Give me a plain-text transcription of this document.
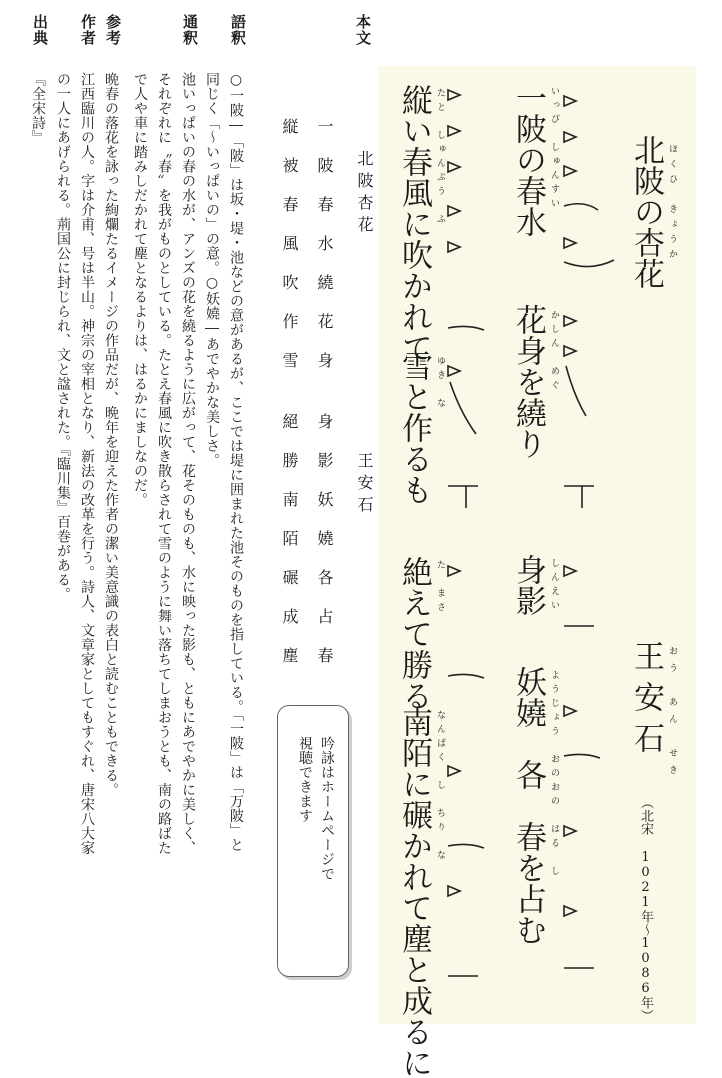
本文
語釈
通釈
参考
作者
出典
北陂杏花
王安石
一陂春水繞花身
身影妖嬈各占春
縦被春風吹作雪
絕勝南陌碾成塵
吟詠はホームページで
視聴できます
○一陂―「陂」は坂・堤・池などの意があるが、ここでは堤に囲まれた池そのものを指している。「一陂」は「万陂」と
同じく「～いっぱいの」の意。○妖嬈―あでやかな美しさ。
池いっぱいの春の水が、アンズの花を繞るように広がって、花そのものも、水に映った影も、ともにあでやかに美しく、
それぞれに〝春〟を我がものとしている。たとえ春風に吹き散らされて雪のように舞い落ちてしまおうとも、南の路ばた
で人や車に踏みしだかれて塵となるよりは、はるかにましなのだ。
晩春の落花を詠った絢爛たるイメージの作品だが、晩年を迎えた作者の潔い美意識の表白と読むこともできる。
江西臨川の人。字は介甫、号は半山。神宗の宰相となり、新法の改革を行う。詩人、文章家としてもすぐれ、唐宋八大家
の一人にあげられる。荊国公に封じられ、文と諡された。『臨川集』百巻がある。
『全宋詩』
北陂の杏花 ほくひ　きょうか
王安石 おう　あん　せき
（北宋 1021年～1086年）
一陂の春水 いっぴ　しゅんすい
花身を繞り かしん　めぐ
身影 しんえい
妖嬈　各　春を占む ようじょう　おのおの　はる　し
縦い春風に吹かれて たと　しゅんぷう　ふ
雪と作るも ゆき　な
絶えて勝る た　まさ
南陌に碾かれて塵と成るに なんぱく　し　ちり　な
